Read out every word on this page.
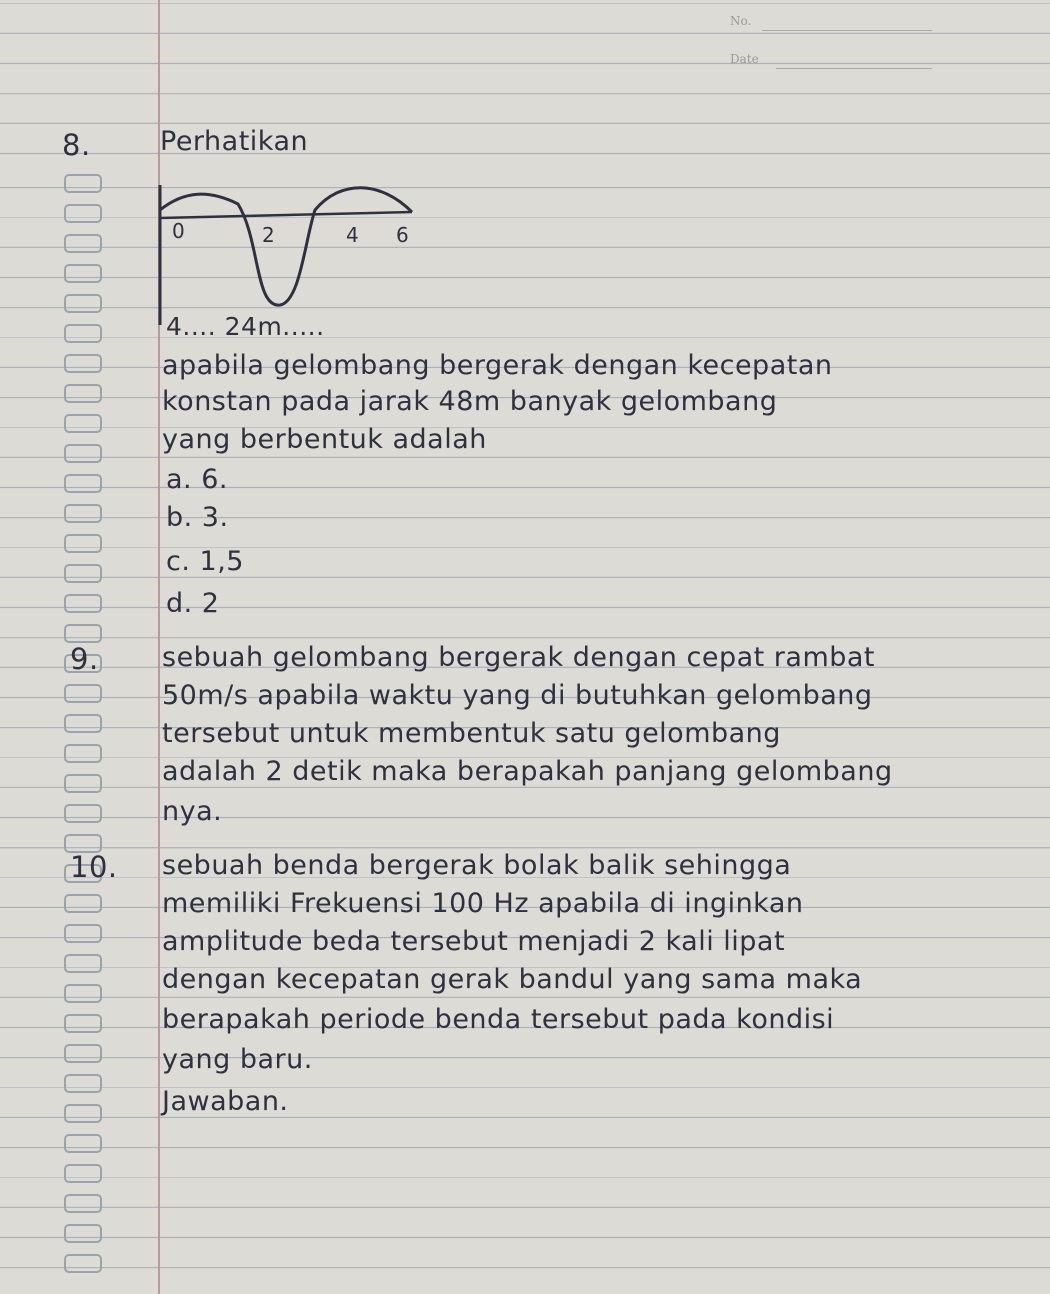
No.
Date
8.	Perhatikan
0	2	4 6
4.... 24m.....
apabila gelombang bergerak dengan kecepatan
konstan pada jarak 48m banyak gelombang
yang berbentuk adalah
a. 6.
b. 3.
c. 1,5
d. 2
9. sebuah gelombang bergerak dengan cepat rambat
50m/s apabila waktu yang di butuhkan gelombang
tersebut untuk membentuk satu gelombang
adalah 2 detik maka berapakah panjang gelombang
nya.
10. sebuah benda bergerak bolak balik sehingga
memiliki Frekuensi 100 Hz apabila di inginkan
amplitude beda tersebut menjadi 2 kali lipat
dengan kecepatan gerak bandul yang sama maka
berapakah periode benda tersebut pada kondisi
yang baru.
Jawaban.
